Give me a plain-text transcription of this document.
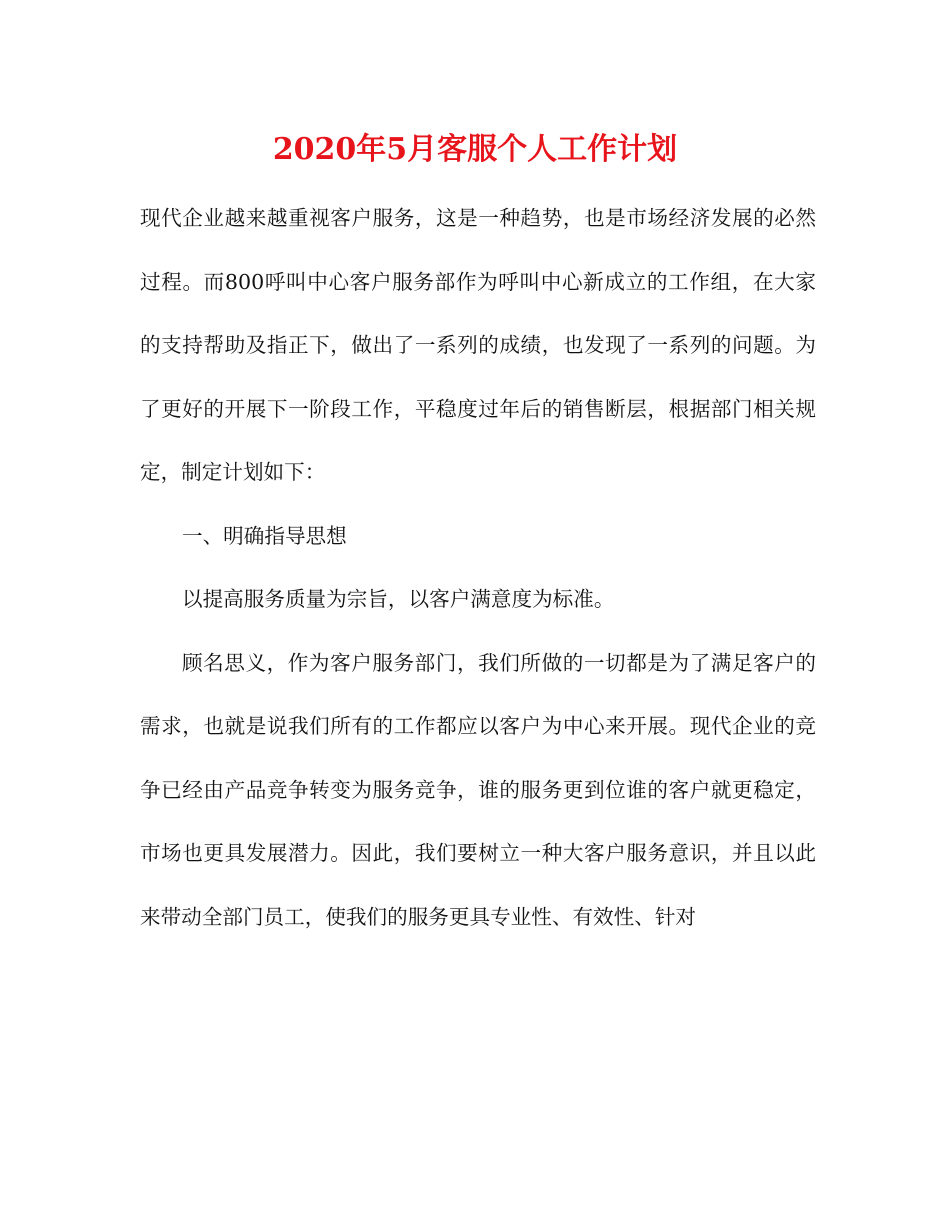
2020年5月客服个人工作计划

现代企业越来越重视客户服务，这是一种趋势，也是市场经济发展的必然过程。而800呼叫中心客户服务部作为呼叫中心新成立的工作组，在大家的支持帮助及指正下，做出了一系列的成绩，也发现了一系列的问题。为了更好的开展下一阶段工作，平稳度过年后的销售断层，根据部门相关规定，制定计划如下：

一、明确指导思想

以提高服务质量为宗旨，以客户满意度为标准。

顾名思义，作为客户服务部门，我们所做的一切都是为了满足客户的需求，也就是说我们所有的工作都应以客户为中心来开展。现代企业的竞争已经由产品竞争转变为服务竞争，谁的服务更到位谁的客户就更稳定，市场也更具发展潜力。因此，我们要树立一种大客户服务意识，并且以此来带动全部门员工，使我们的服务更具专业性、有效性、针对
